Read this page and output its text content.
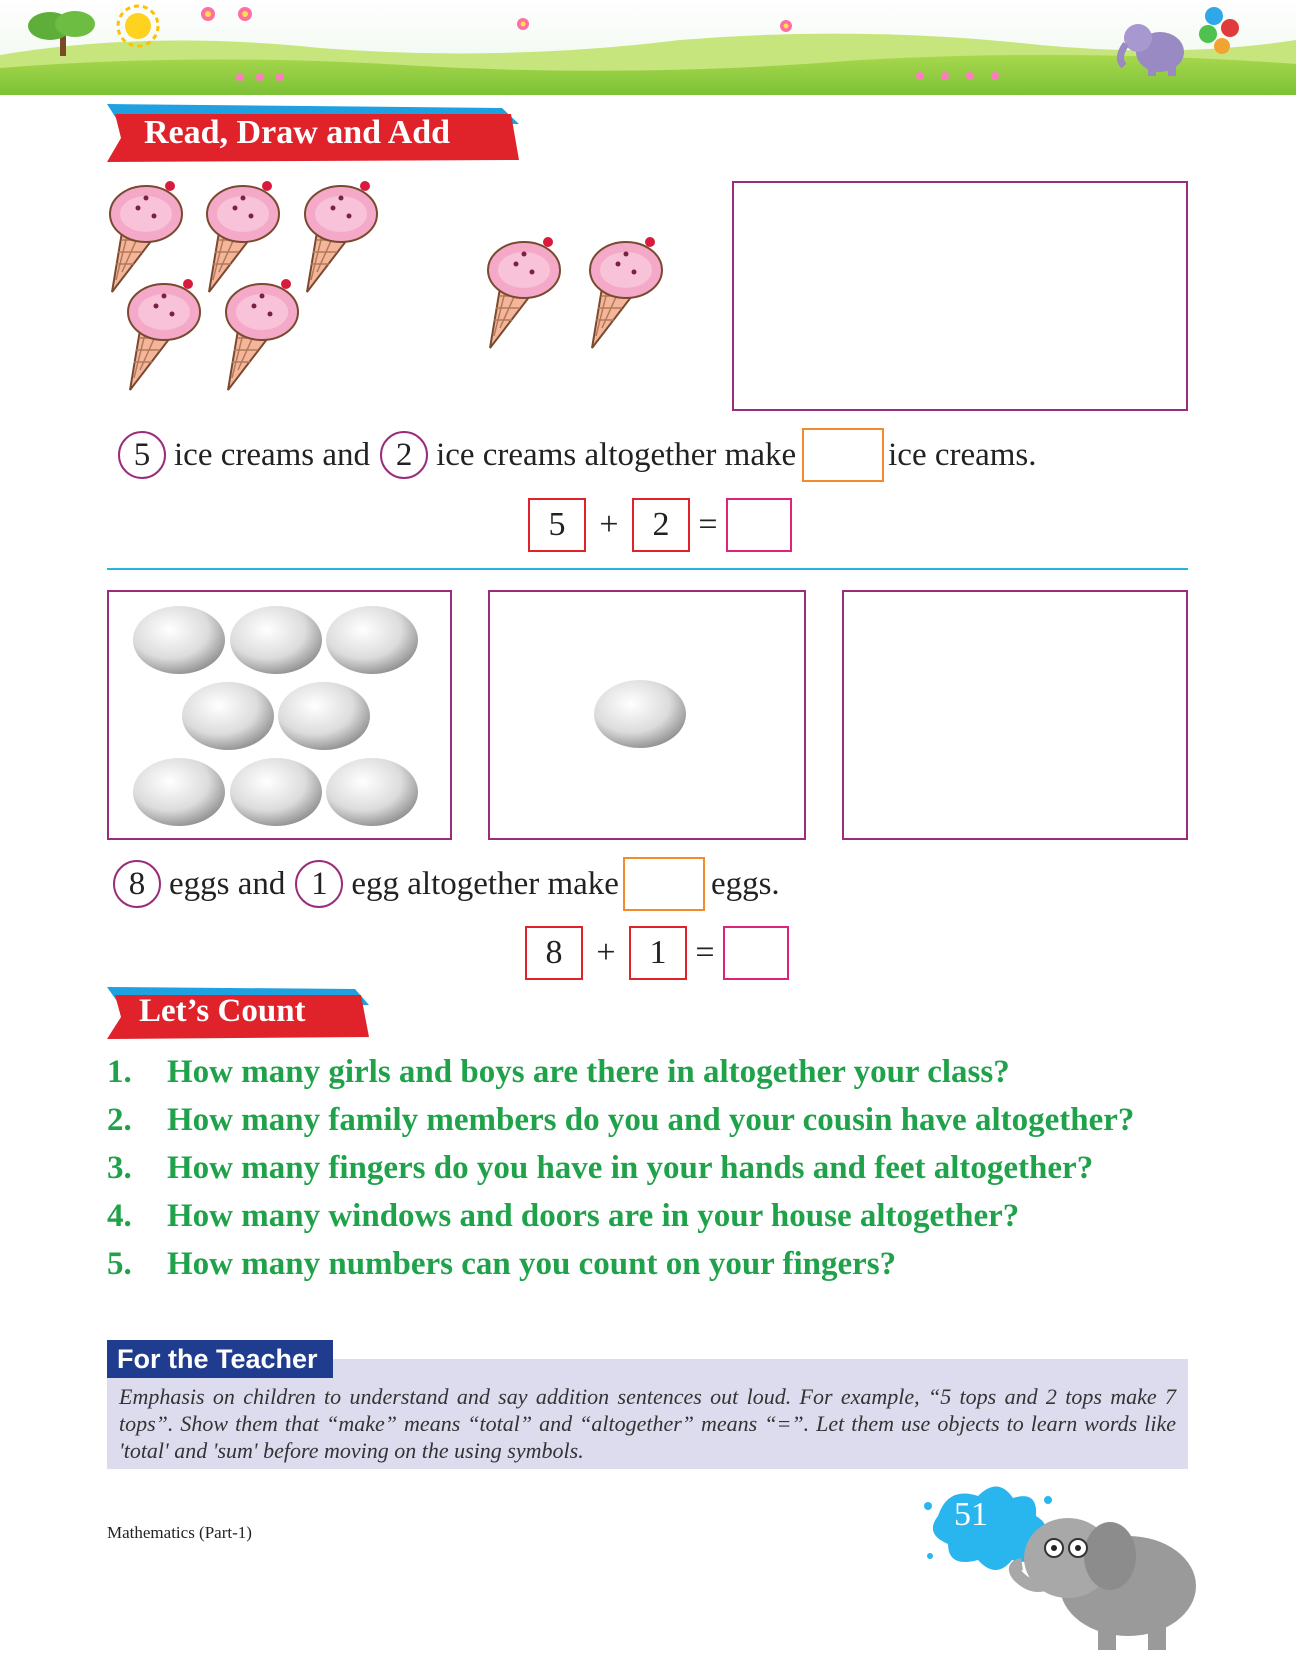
Read, Draw and Add
5 ice creams and 2 ice creams altogether make	ice creams.
5 + 2 =
8 eggs and 1 egg altogether make	eggs.
8 + 1 =
Let’s Count
1.	How many girls and boys are there in altogether your class?
2.	How many family members do you and your cousin have altogether?
3.	How many fingers do you have in your hands and feet altogether?
4.	How many windows and doors are in your house altogether?
5.	How many numbers can you count on your fingers?
Emphasis on children to understand and say addition sentences out loud. For example, “5 tops and 2 tops make 7 tops”. Show them that “make” means “total” and “altogether” means “=”. Let them use objects to learn words like 'total' and 'sum' before moving on the using symbols.
For the Teacher
Mathematics (Part-1)	51
